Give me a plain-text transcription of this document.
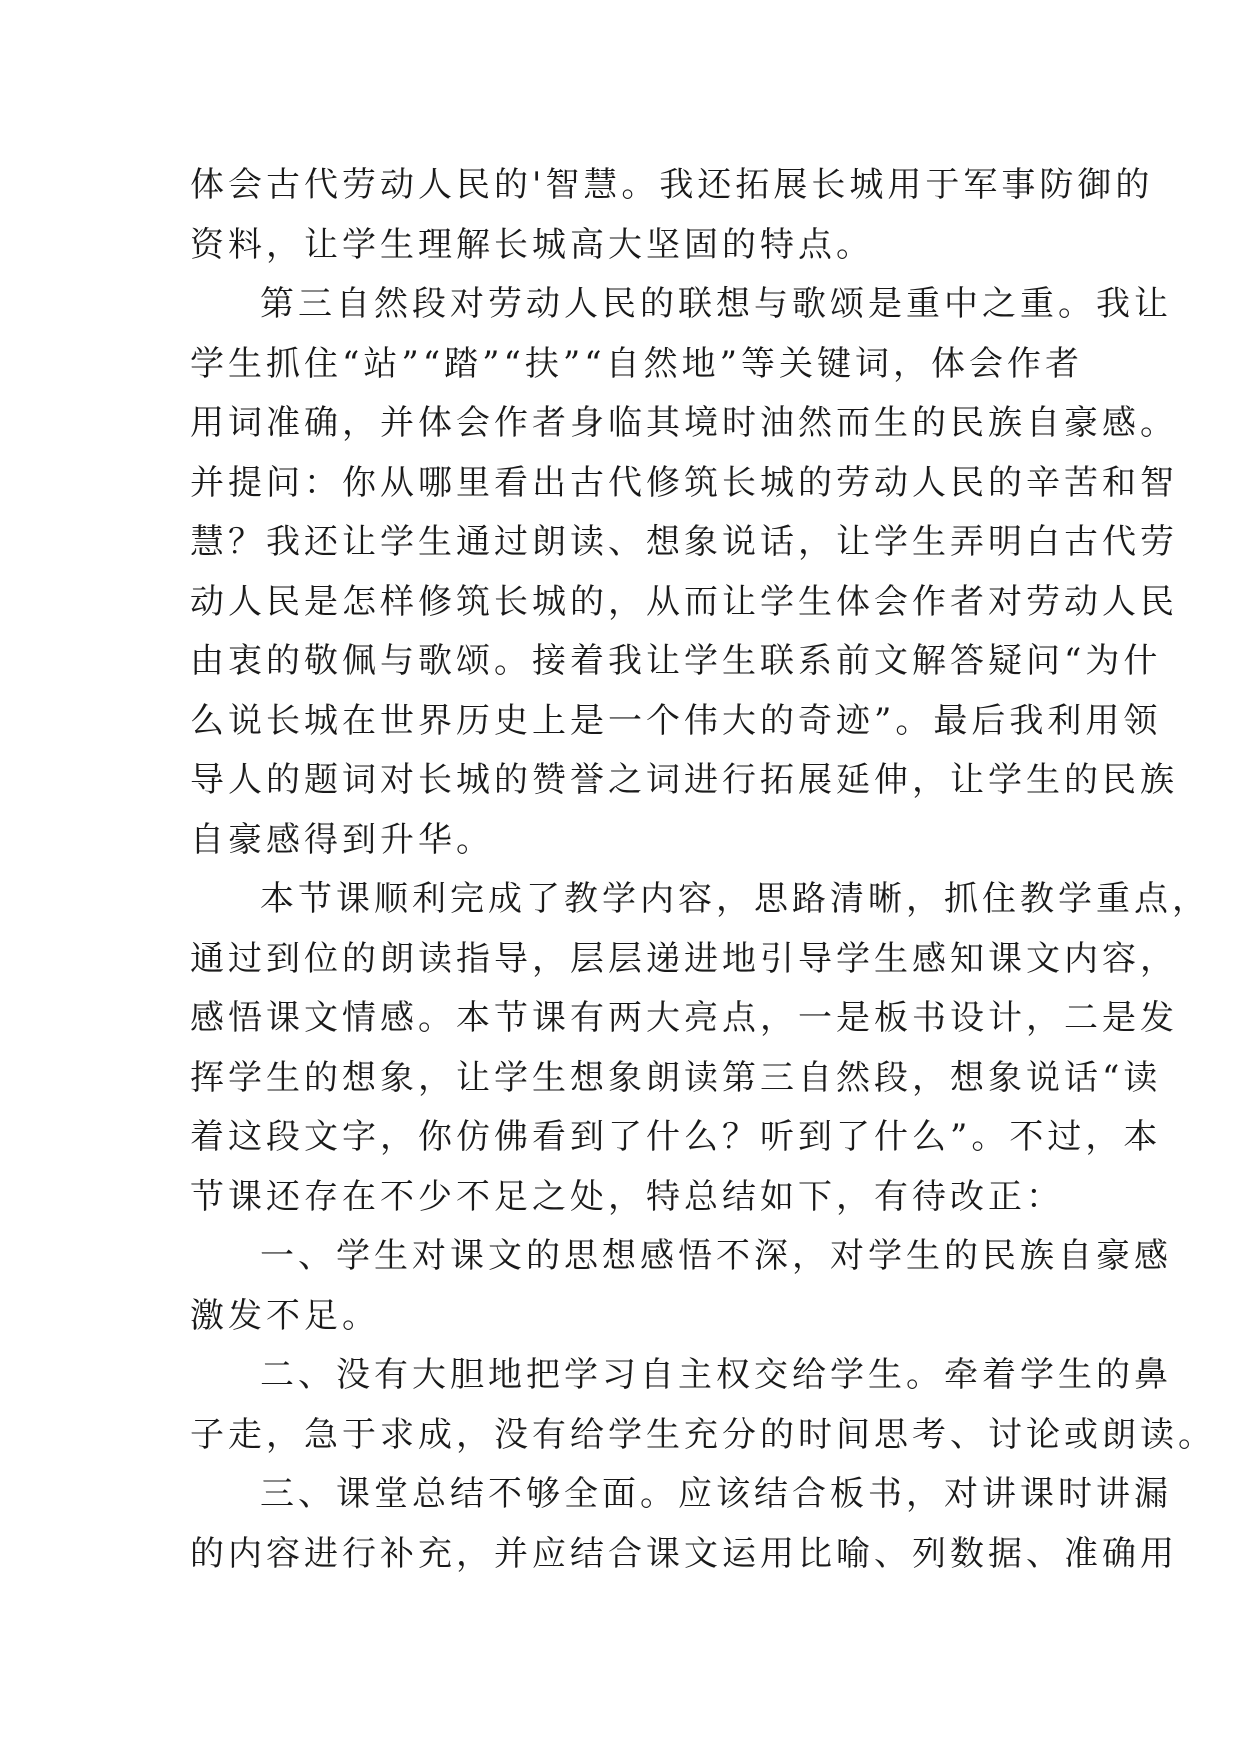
体会古代劳动人民的'智慧。我还拓展长城用于军事防御的
资料，让学生理解长城高大坚固的特点。
第三自然段对劳动人民的联想与歌颂是重中之重。我让
学生抓住“站”“踏”“扶”“自然地”等关键词，体会作者
用词准确，并体会作者身临其境时油然而生的民族自豪感。
并提问：你从哪里看出古代修筑长城的劳动人民的辛苦和智
慧？我还让学生通过朗读、想象说话，让学生弄明白古代劳
动人民是怎样修筑长城的，从而让学生体会作者对劳动人民
由衷的敬佩与歌颂。接着我让学生联系前文解答疑问“为什
么说长城在世界历史上是一个伟大的奇迹”。最后我利用领
导人的题词对长城的赞誉之词进行拓展延伸，让学生的民族
自豪感得到升华。
本节课顺利完成了教学内容，思路清晰，抓住教学重点，
通过到位的朗读指导，层层递进地引导学生感知课文内容，
感悟课文情感。本节课有两大亮点，一是板书设计，二是发
挥学生的想象，让学生想象朗读第三自然段，想象说话“读
着这段文字，你仿佛看到了什么？听到了什么”。不过，本
节课还存在不少不足之处，特总结如下，有待改正：
一、学生对课文的思想感悟不深，对学生的民族自豪感
激发不足。
二、没有大胆地把学习自主权交给学生。牵着学生的鼻
子走，急于求成，没有给学生充分的时间思考、讨论或朗读。
三、课堂总结不够全面。应该结合板书，对讲课时讲漏
的内容进行补充，并应结合课文运用比喻、列数据、准确用
